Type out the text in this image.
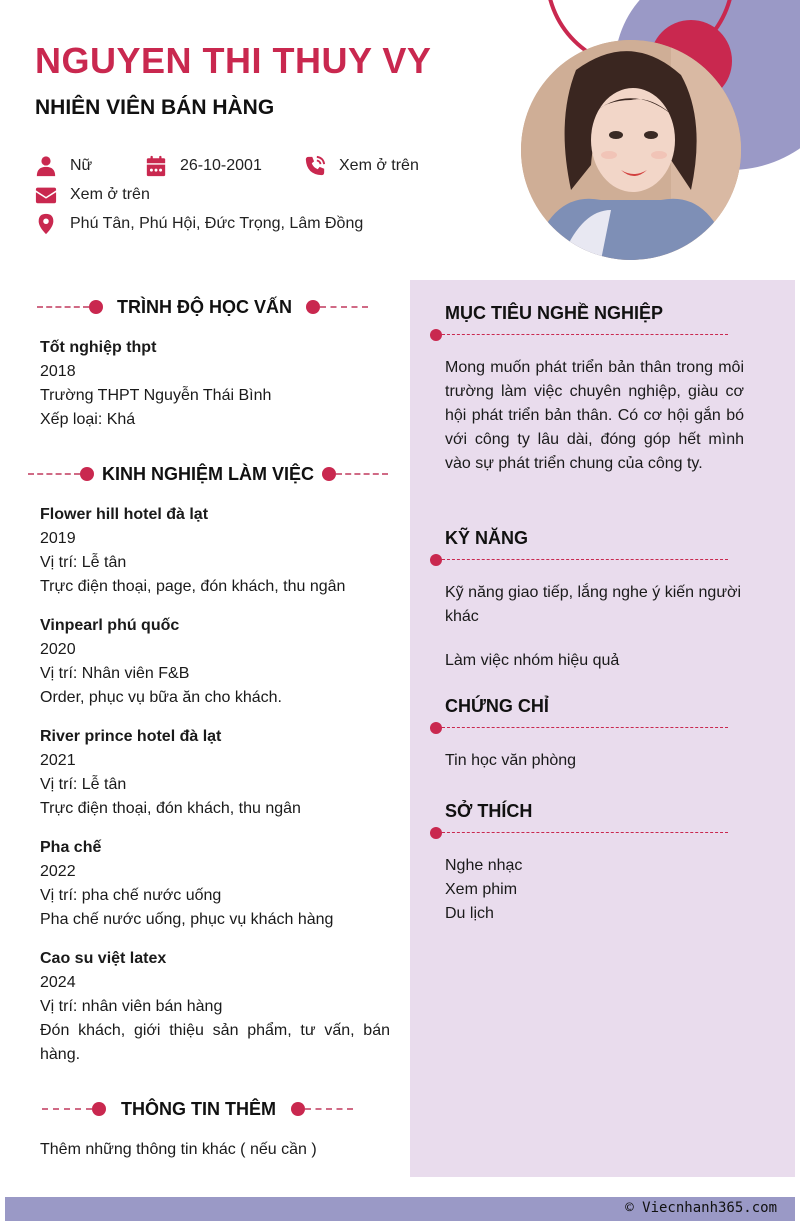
NGUYEN THI THUY VY
NHIÊN VIÊN BÁN HÀNG
Nữ	26-10-2001	Xem ở trên
Xem ở trên
Phú Tân, Phú Hội, Đức Trọng, Lâm Đồng
TRÌNH ĐỘ HỌC VẤN
Tốt nghiệp thpt
2018
Trường THPT Nguyễn Thái Bình
Xếp loại: Khá
KINH NGHIỆM LÀM VIỆC
Flower hill hotel đà lạt
2019
Vị trí: Lễ tân
Trực điện thoại, page, đón khách, thu ngân
Vinpearl phú quốc
2020
Vị trí: Nhân viên F&B
Order, phục vụ bữa ăn cho khách.
River prince hotel đà lạt
2021
Vị trí: Lễ tân
Trực điện thoại, đón khách, thu ngân
Pha chế
2022
Vị trí: pha chế nước uống
Pha chế nước uống, phục vụ khách hàng
Cao su việt latex
2024
Vị trí: nhân viên bán hàng
Đón khách, giới thiệu sản phẩm, tư vấn, bán hàng.
THÔNG TIN THÊM
Thêm những thông tin khác ( nếu cần )
MỤC TIÊU NGHỀ NGHIỆP
Mong muốn phát triển bản thân trong môi trường làm việc chuyên nghiệp, giàu cơ hội phát triển bản thân. Có cơ hội gắn bó với công ty lâu dài, đóng góp hết mình vào sự phát triển chung của công ty.
KỸ NĂNG
Kỹ năng giao tiếp, lắng nghe ý kiến người khác
Làm việc nhóm hiệu quả
CHỨNG CHỈ
Tin học văn phòng
SỞ THÍCH
Nghe nhạc
Xem phim
Du lịch
© Viecnhanh365.com
